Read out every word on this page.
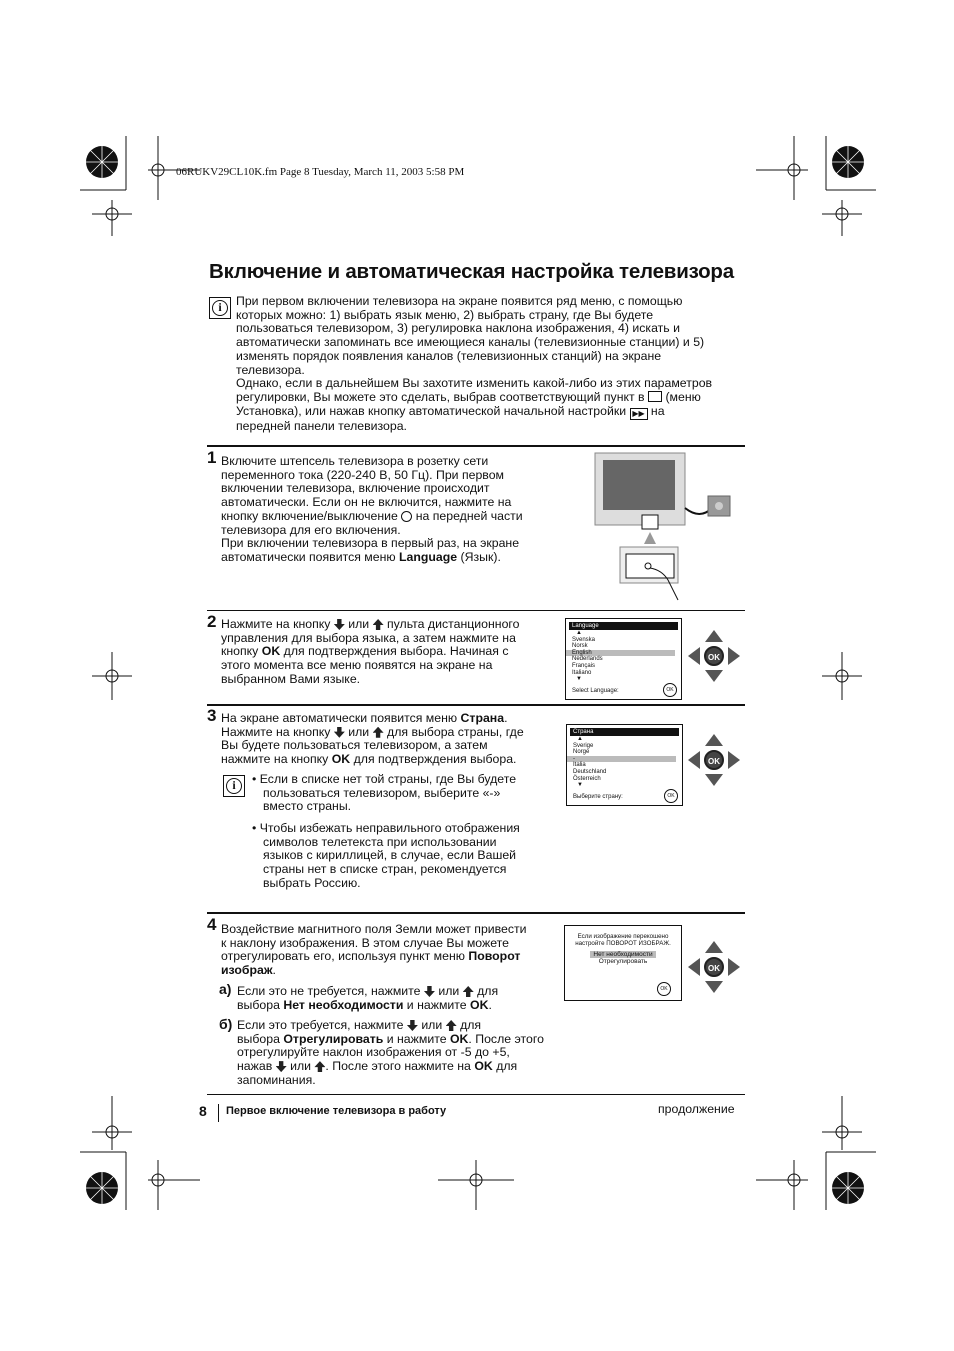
06RUKV29CL10K.fm Page 8 Tuesday, March 11, 2003 5:58 PM
Включение и автоматическая настройка телевизора
i	При первом включении телевизора на экране появится ряд меню, с помощью
которых можно: 1) выбрать язык меню, 2) выбрать страну, где Вы будете
пользоваться телевизором, 3) регулировка наклона изображения, 4) искать и
автоматически запоминать все имеющиеся каналы (телевизионные станции) и 5)
изменять порядок появления каналов (телевизионных станций) на экране
телевизора.
Однако, если в дальнейшем Вы захотите изменить какой-либо из этих параметров
регулировки, Вы можете это сделать, выбрав соответствующий пункт в (меню
Установка), или нажав кнопку автоматической начальной настройки ▶▶ на
передней панели телевизора.
1 Включите штепсель телевизора в розетку сети
переменного тока (220-240 В, 50 Гц). При первом
включении телевизора, включение происходит
автоматически. Если он не включится, нажмите на
кнопку включение/выключение на передней части
телевизора для его включения.
При включении телевизора в первый раз, на экране
автоматически появится меню Language (Язык).
2 Нажмите на кнопку или пульта дистанционного
управления для выбора языка, а затем нажмите на
кнопку OK для подтверждения выбора. Начиная с
этого момента все меню появятся на экране на
выбранном Вами языке.
Language
▲
Svenska
Norsk
English
Nederlands
Français
Italiano
▼
Select Language:	OK
OK
3 На экране автоматически появится меню Страна.
Нажмите на кнопку или для выбора страны, где
Вы будете пользоваться телевизором, а затем
нажмите на кнопку OK для подтверждения выбора.
i	• Если в списке нет той страны, где Вы будете
пользоваться телевизором, выберите «-»
вместо страны.
• Чтобы избежать неправильного отображения
символов телетекста при использовании
языков с кириллицей, в случае, если Вашей
страны нет в списке стран, рекомендуется
выбрать Россию.
Страна
▲
Sverige
Norge
-
Italia
Deutschland
Österreich
▼
Выберите страну:	OK
OK
4 Воздействие магнитного поля Земли может привести
к наклону изображения. В этом случае Вы можете
отрегулировать его, используя пункт меню Поворот
изображ.
а) Если это не требуется, нажмите или для
выбора Нет необходимости и нажмите OK.
б) Если это требуется, нажмите или для
выбора Отрегулировать и нажмите OK. После этого
отрегулируйте наклон изображения от -5 до +5,
нажав или . После этого нажмите на OK для
запоминания.
Если изображение перекошено
настройте ПОВОРОТ ИЗОБРАЖ.
Нет необходимости
Отрегулировать
OK
OK
8 Первое включение телевизора в работу	продолжение
